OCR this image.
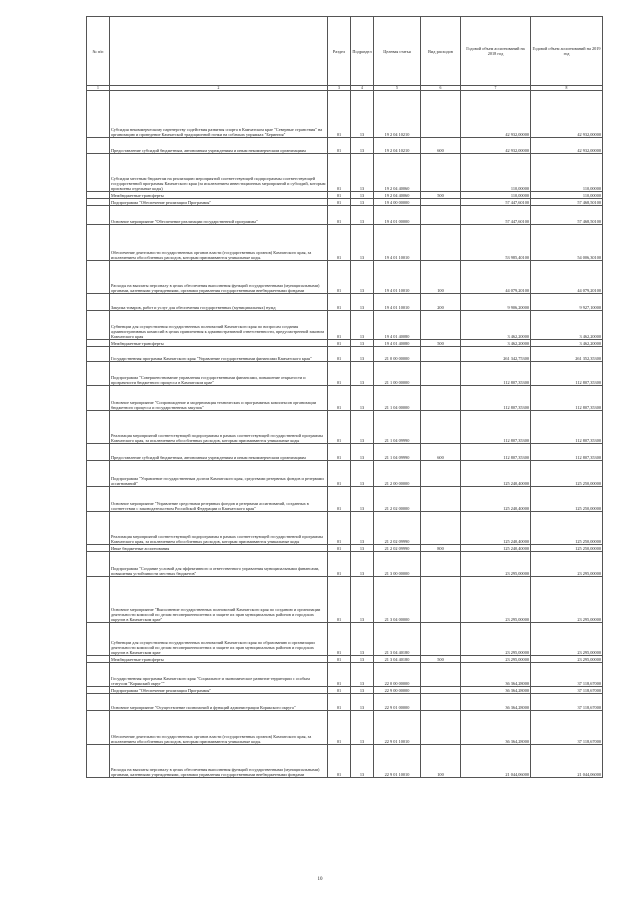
№ п/п		Раздел	Подраздел	Целевая статья	Вид расходов	Годовой объем ассигнований на 2018 год	Годовой объем ассигнований на 2019 год
1	2	3	4	5	6	7	8
	Субсидия некоммерческому партнерству содействия развития спорта в Камчатском крае "Северные странствия" на организацию и проведение Камчатской традиционной гонки на собачьих упряжках "Берингия"	01	13	19 2 04 10210		42 932,00000	42 932,00000
	Предоставление субсидий бюджетным, автономным учреждениям и иным некоммерческим организациям	01	13	19 2 04 10210	600	42 932,00000	42 932,00000
	Субсидии местным бюджетам на реализацию мероприятий соответствующей подпрограммы соответствующей государственной программы Камчатского края (за исключением инвестиционных мероприятий и субсидий, которым присвоены отдельные коды)	01	13	19 2 04 40060		110,00000	110,00000
	Межбюджетные трансферты	01	13	19 2 04 40060	500	110,00000	110,00000
	Подпрограмма "Обеспечение реализации Программы"	01	13	19 4 00 00000		57 447,60100	57 468,50100
	Основное мероприятие "Обеспечение реализации государственной программы"	01	13	19 4 01 00000		57 447,60100	57 468,50100
	Обеспечение деятельности государственных органов власти (государственных органов) Камчатского края, за исключением обособленных расходов, которым присваиваются уникальные коды.	01	13	19 4 01 10010		53 985,40100	54 006,30100
	Расходы на выплаты персоналу в целях обеспечения выполнения функций государственными (муниципальными) органами, казенными учреждениями, органами управления государственными внебюджетными фондами	01	13	19 4 01 10010	100	44 079,20100	44 079,20100
	Закупка товаров, работ и услуг для обеспечения государственных (муниципальных) нужд	01	13	19 4 01 10010	200	9 906,20000	9 927,10000
	Субвенции для осуществления государственных полномочий Камчатского края по вопросам создания административных комиссий в целях привлечения к административной ответственности, предусмотренной законом Камчатского края	01	13	19 4 01 40080		3 462,20000	3 462,20000
	Межбюджетные трансферты	01	13	19 4 01 40080	500	3 462,20000	3 462,20000
	Государственная программа Камчатского края "Управление государственными финансами Камчатского края"	01	13	21 0 00 00000		261 342,75300	261 352,35300
	Подпрограмма "Совершенствование управления государственными финансами, повышение открытости и прозрачности бюджетного процесса в Камчатском крае"	01	13	21 1 00 00000		112 807,35300	112 807,35300
	Основное мероприятие "Сопровождение и модернизация технических и программных комплексов организации бюджетного процесса и государственных закупок"	01	13	21 1 04 00000		112 807,35300	112 807,35300
	Реализация мероприятий соответствующей подпрограммы в рамках соответствующей государственной программы Камчатского края, за исключением обособленных расходов, которым присваиваются уникальные коды	01	13	21 1 04 09990		112 807,35300	112 807,35300
	Предоставление субсидий бюджетным, автономным учреждениям и иным некоммерческим организациям	01	13	21 1 04 09990	600	112 807,35300	112 807,35300
	Подпрограмма "Управление государственным долгом Камчатского края, средствами резервных фондов и резервами ассигнований"	01	13	21 2 00 00000		125 240,40000	125 250,00000
	Основное мероприятие "Управление средствами резервных фондов и резервами ассигнований, созданных в соответствии с законодательством Российской Федерации и Камчатского края"	01	13	21 2 02 00000		125 240,40000	125 250,00000
	Реализация мероприятий соответствующей подпрограммы в рамках соответствующей государственной программы Камчатского края, за исключением обособленных расходов, которым присваиваются уникальные коды	01	13	21 2 02 09990		125 240,40000	125 250,00000
	Иные бюджетные ассигнования	01	13	21 2 02 09990	800	125 240,40000	125 250,00000
	Подпрограмма "Создание условий для эффективного и ответственного управления муниципальными финансами, повышения устойчивости местных бюджетов"	01	13	21 3 00 00000		23 295,00000	23 295,00000
	Основное мероприятие "Выполнение государственных полномочий Камчатского края по созданию и организации деятельности комиссий по делам несовершеннолетних и защите их прав муниципальных районов и городских округов в Камчатском крае"	01	13	21 3 04 00000		23 295,00000	23 295,00000
	Субвенции для осуществления государственных полномочий Камчатского края по образованию и организации деятельности комиссий по делам несовершеннолетних и защите их прав муниципальных районов и городских округов в Камчатском крае	01	13	21 3 04 40180		23 295,00000	23 295,00000
	Межбюджетные трансферты	01	13	21 3 04 40180	500	23 295,00000	23 295,00000
	Государственная программа Камчатского края "Социальное и экономическое развитие территории с особым статусом "Корякский округ""	01	13	22 0 00 00000		36 364,28000	37 118,67000
	Подпрограмма "Обеспечение реализации Программы"	01	13	22 9 00 00000		36 364,28000	37 118,67000
	Основное мероприятие "Осуществление полномочий и функций администрации Корякского округа"	01	13	22 9 01 00000		36 364,28000	37 118,67000
	Обеспечение деятельности государственных органов власти (государственных органов) Камчатского края, за исключением обособленных расходов, которым присваиваются уникальные коды.	01	13	22 9 01 10010		36 364,28000	37 118,67000
	Расходы на выплаты персоналу в целях обеспечения выполнения функций государственными (муниципальными) органами, казенными учреждениями, органами управления государственными внебюджетными фондами	01	13	22 9 01 10010	100	21 044,06000	21 044,06000
10
